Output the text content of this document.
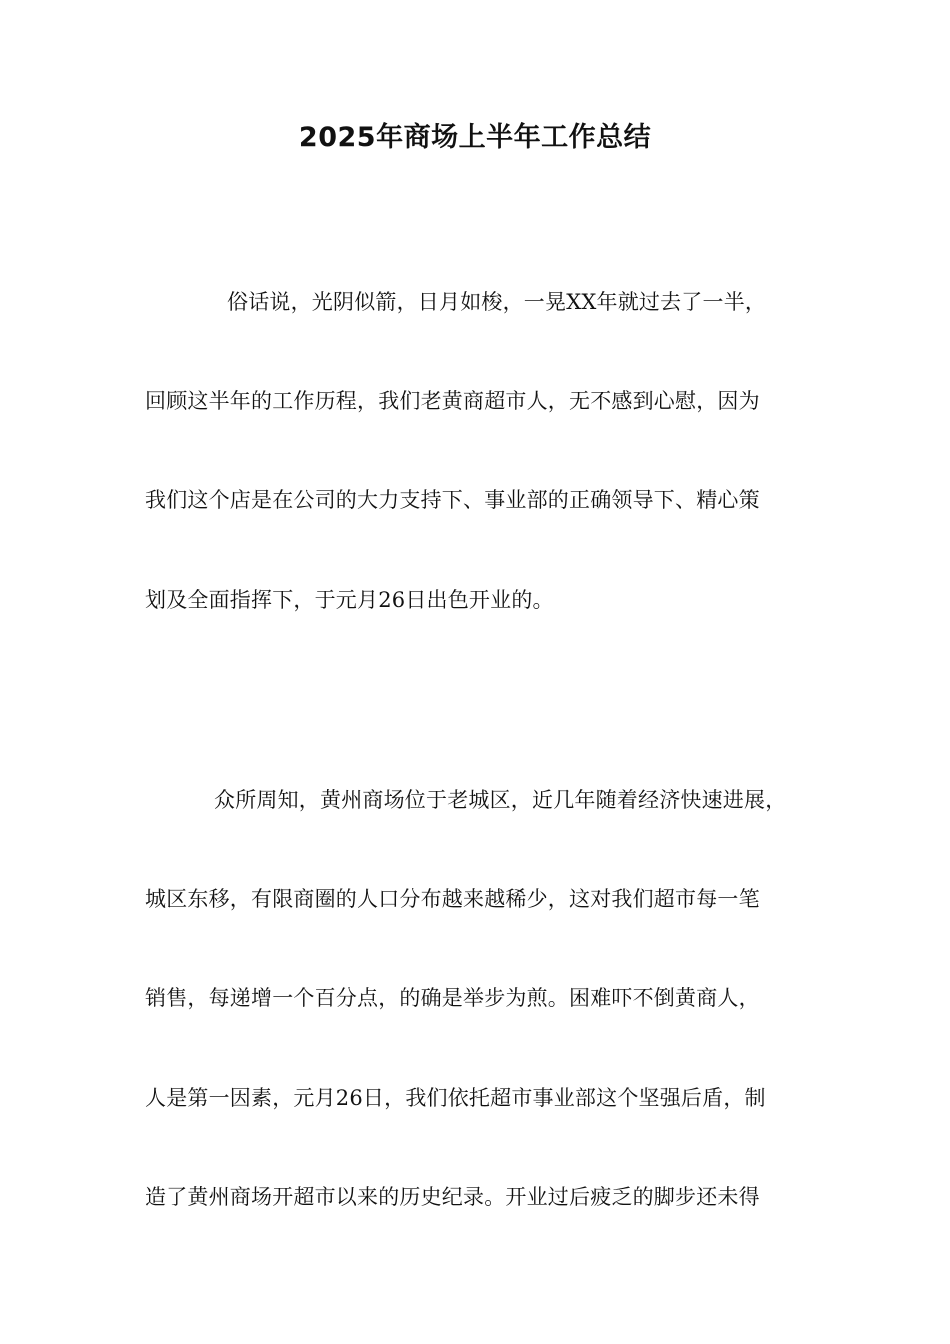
2025年商场上半年工作总结
俗话说，光阴似箭，日月如梭，一晃XX年就过去了一半，
回顾这半年的工作历程，我们老黄商超市人，无不感到心慰，因为
我们这个店是在公司的大力支持下、事业部的正确领导下、精心策
划及全面指挥下，于元月26日出色开业的。
众所周知，黄州商场位于老城区，近几年随着经济快速进展，
城区东移，有限商圈的人口分布越来越稀少，这对我们超市每一笔
销售，每递增一个百分点，的确是举步为煎。困难吓不倒黄商人，
人是第一因素，元月26日，我们依托超市事业部这个坚强后盾，制
造了黄州商场开超市以来的历史纪录。开业过后疲乏的脚步还未得
